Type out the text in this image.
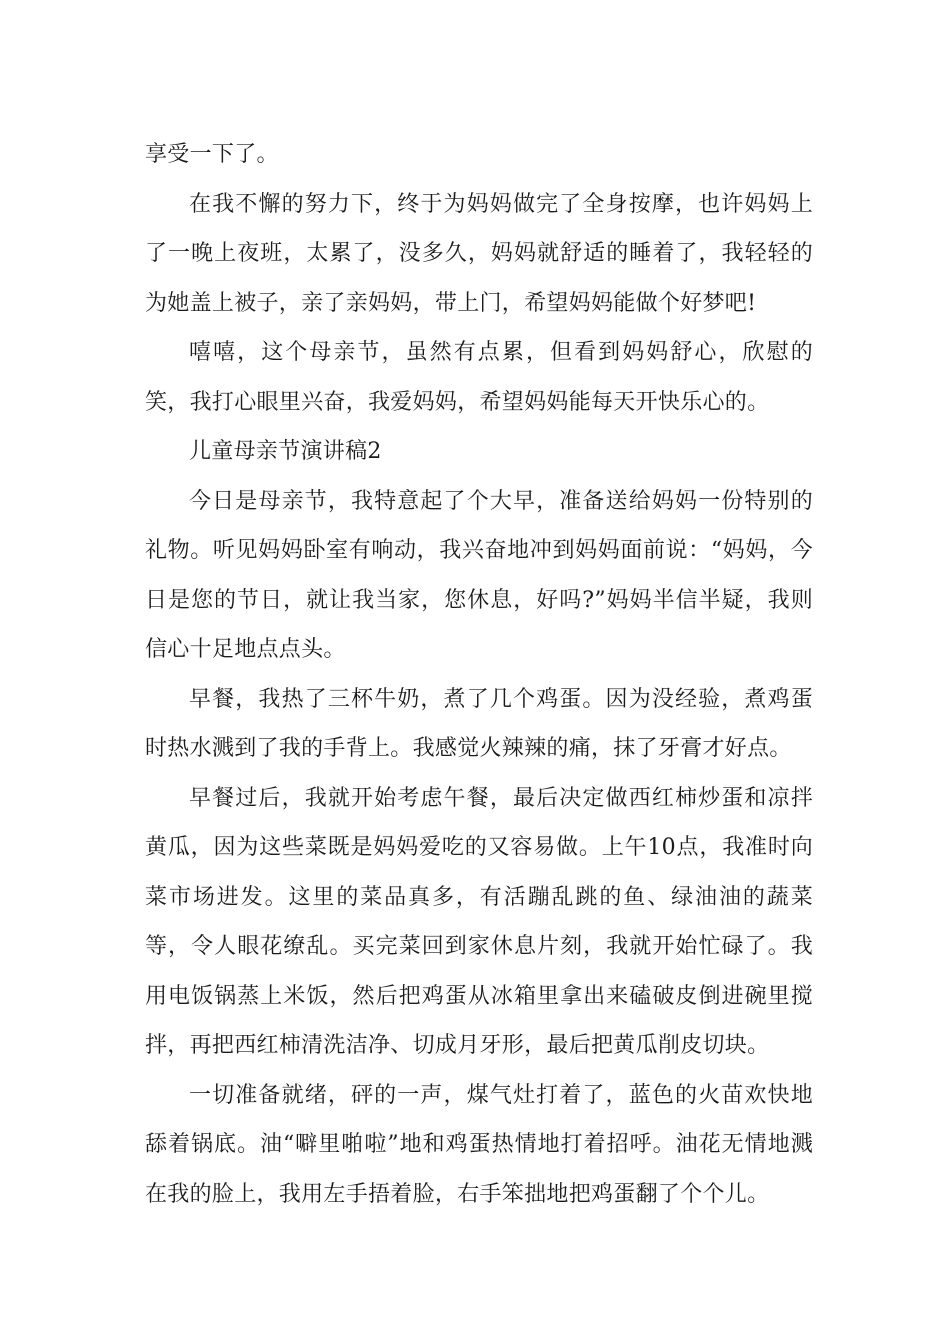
享受一下了。

在我不懈的努力下，终于为妈妈做完了全身按摩，也许妈妈上了一晚上夜班，太累了，没多久，妈妈就舒适的睡着了，我轻轻的为她盖上被子，亲了亲妈妈，带上门，希望妈妈能做个好梦吧!

嘻嘻，这个母亲节，虽然有点累，但看到妈妈舒心，欣慰的笑，我打心眼里兴奋，我爱妈妈，希望妈妈能每天开快乐心的。

儿童母亲节演讲稿2

今日是母亲节，我特意起了个大早，准备送给妈妈一份特别的礼物。听见妈妈卧室有响动，我兴奋地冲到妈妈面前说：“妈妈，今日是您的节日，就让我当家，您休息，好吗?”妈妈半信半疑，我则信心十足地点点头。

早餐，我热了三杯牛奶，煮了几个鸡蛋。因为没经验，煮鸡蛋时热水溅到了我的手背上。我感觉火辣辣的痛，抹了牙膏才好点。

早餐过后，我就开始考虑午餐，最后决定做西红柿炒蛋和凉拌黄瓜，因为这些菜既是妈妈爱吃的又容易做。上午10点，我准时向菜市场进发。这里的菜品真多，有活蹦乱跳的鱼、绿油油的蔬菜等，令人眼花缭乱。买完菜回到家休息片刻，我就开始忙碌了。我用电饭锅蒸上米饭，然后把鸡蛋从冰箱里拿出来磕破皮倒进碗里搅拌，再把西红柿清洗洁净、切成月牙形，最后把黄瓜削皮切块。

一切准备就绪，砰的一声，煤气灶打着了，蓝色的火苗欢快地舔着锅底。油“噼里啪啦”地和鸡蛋热情地打着招呼。油花无情地溅在我的脸上，我用左手捂着脸，右手笨拙地把鸡蛋翻了个个儿。
